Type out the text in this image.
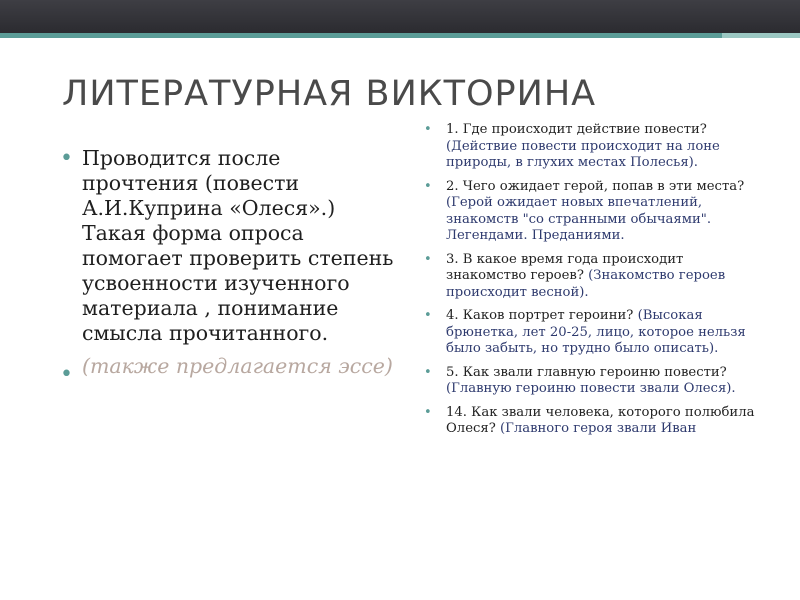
ЛИТЕРАТУРНАЯ ВИКТОРИНА
• Проводится после прочтения (повести А.И.Куприна «Олеся».) Такая форма опроса помогает проверить степень усвоенности изученного материала , понимание смысла прочитанного.

• (также предлагается эссе)

• 1. Где происходит действие повести? (Действие повести происходит на лоне природы, в глухих местах Полесья).
• 2. Чего ожидает герой, попав в эти места? (Герой ожидает новых впечатлений, знакомств "со странными обычаями". Легендами. Преданиями.
• 3. В какое время года происходит знакомство героев? (Знакомство героев происходит весной).
• 4. Каков портрет героини? (Высокая брюнетка, лет 20-25, лицо, которое нельзя было забыть, но трудно было описать).
• 5. Как звали главную героиню повести? (Главную героиню повести звали Олеся).
• 14. Как звали человека, которого полюбила Олеся? (Главного героя звали Иван
